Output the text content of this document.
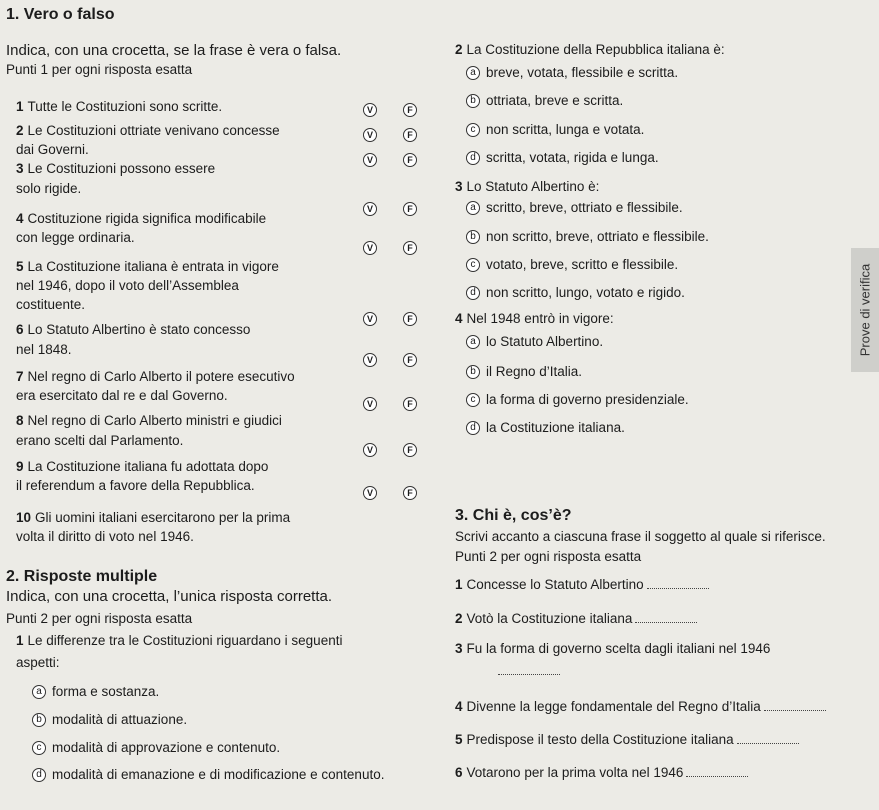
1. Vero o falso
Indica, con una crocetta, se la frase è vera o falsa.
Punti 1 per ogni risposta esatta
1 Tutte le Costituzioni sono scritte.	V	F
2 Le Costituzioni ottriate venivano concesse
dai Governi.
V	F
3 Le Costituzioni possono essere
solo rigide.
V	F
4 Costituzione rigida significa modificabile
con legge ordinaria.
V	F
5 La Costituzione italiana è entrata in vigore
nel 1946, dopo il voto dell’Assemblea
costituente.
V	F
6 Lo Statuto Albertino è stato concesso
nel 1848.
V	F
7 Nel regno di Carlo Alberto il potere esecutivo
era esercitato dal re e dal Governo.
V	F
8 Nel regno di Carlo Alberto ministri e giudici
erano scelti dal Parlamento.
V	F
9 La Costituzione italiana fu adottata dopo
il referendum a favore della Repubblica.
V	F
10 Gli uomini italiani esercitarono per la prima
volta il diritto di voto nel 1946.
V	F
2. Risposte multiple
Indica, con una crocetta, l’unica risposta corretta.
Punti 2 per ogni risposta esatta
1 Le differenze tra le Costituzioni riguardano i seguenti
aspetti:
a forma e sostanza.
b modalità di attuazione.
c modalità di approvazione e contenuto.
d modalità di emanazione e di modificazione e contenuto.
2 La Costituzione della Repubblica italiana è:
a breve, votata, flessibile e scritta.
b ottriata, breve e scritta.
c non scritta, lunga e votata.
d scritta, votata, rigida e lunga.
3 Lo Statuto Albertino è:
a scritto, breve, ottriato e flessibile.
b non scritto, breve, ottriato e flessibile.
c votato, breve, scritto e flessibile.
d non scritto, lungo, votato e rigido.
4 Nel 1948 entrò in vigore:
a lo Statuto Albertino.
b il Regno d’Italia.
c la forma di governo presidenziale.
d la Costituzione italiana.
3. Chi è, cos’è?
Scrivi accanto a ciascuna frase il soggetto al quale si riferisce.
Punti 2 per ogni risposta esatta
1 Concesse lo Statuto Albertino
2 Votò la Costituzione italiana
3 Fu la forma di governo scelta dagli italiani nel 1946
4 Divenne la legge fondamentale del Regno d’Italia
5 Predispose il testo della Costituzione italiana
6 Votarono per la prima volta nel 1946
Prove di verifica
